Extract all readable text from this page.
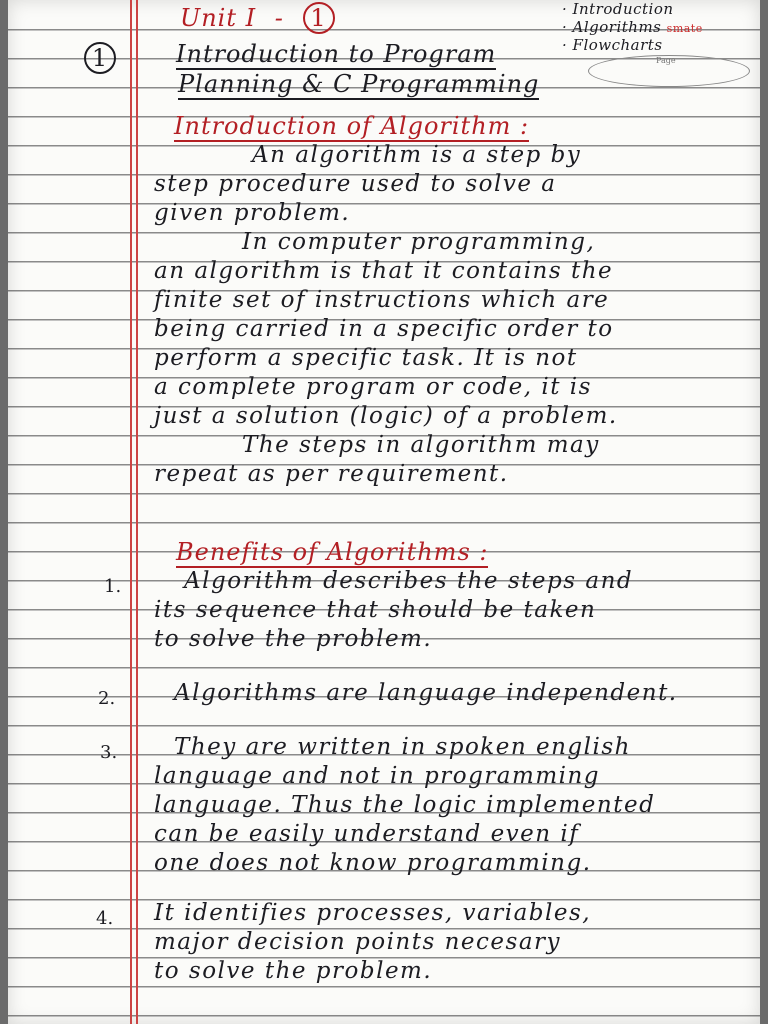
Unit I - 1
1	Introduction to Program
Planning & C Programming
· Introduction
· Algorithms smate
· Flowcharts
Page
Introduction of Algorithm :
An algorithm is a step by
step procedure used to solve a
given problem.
In computer programming,
an algorithm is that it contains the
finite set of instructions which are
being carried in a specific order to
perform a specific task. It is not
a complete program or code, it is
just a solution (logic) of a problem.
The steps in algorithm may
repeat as per requirement.
Benefits of Algorithms :
1.	Algorithm describes the steps and
its sequence that should be taken
to solve the problem.
2.	Algorithms are language independent.
3. They are written in spoken english
language and not in programming
language. Thus the logic implemented
can be easily understand even if
one does not know programming.
4. It identifies processes, variables,
major decision points necesary
to solve the problem.
